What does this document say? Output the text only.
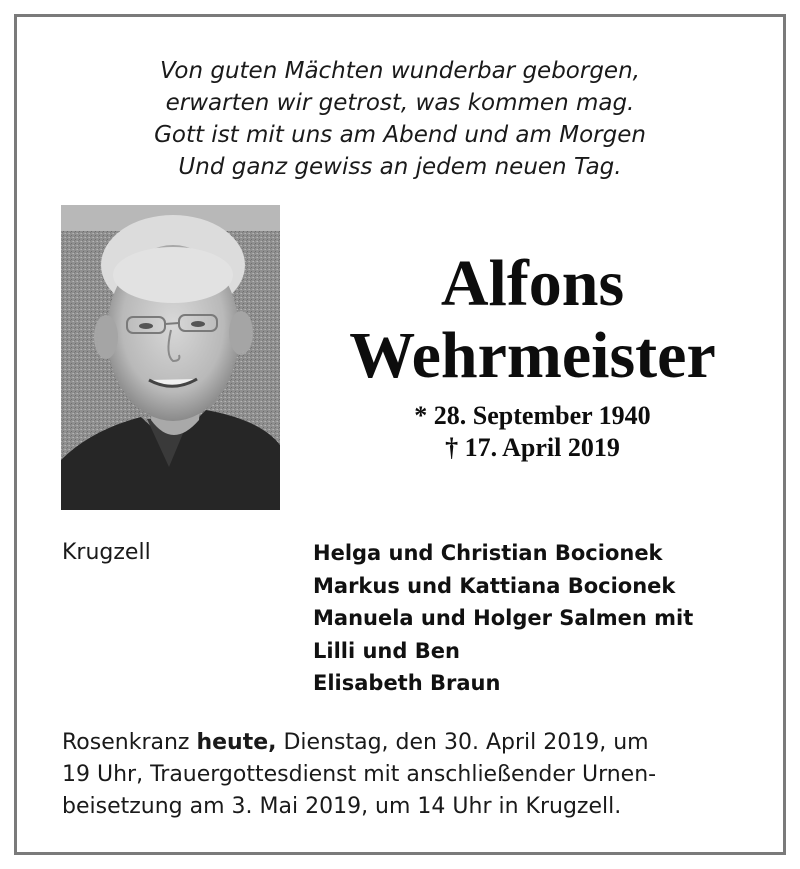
Von guten Mächten wunderbar geborgen,
erwarten wir getrost, was kommen mag.
Gott ist mit uns am Abend und am Morgen
Und ganz gewiss an jedem neuen Tag.
Alfons
Wehrmeister
* 28. September 1940
† 17. April 2019
Krugzell	Helga und Christian Bocionek
Markus und Kattiana Bocionek
Manuela und Holger Salmen mit
Lilli und Ben
Elisabeth Braun
Rosenkranz heute, Dienstag, den 30. April 2019, um
19 Uhr, Trauergottesdienst mit anschließender Urnen-
beisetzung am 3. Mai 2019, um 14 Uhr in Krugzell.
